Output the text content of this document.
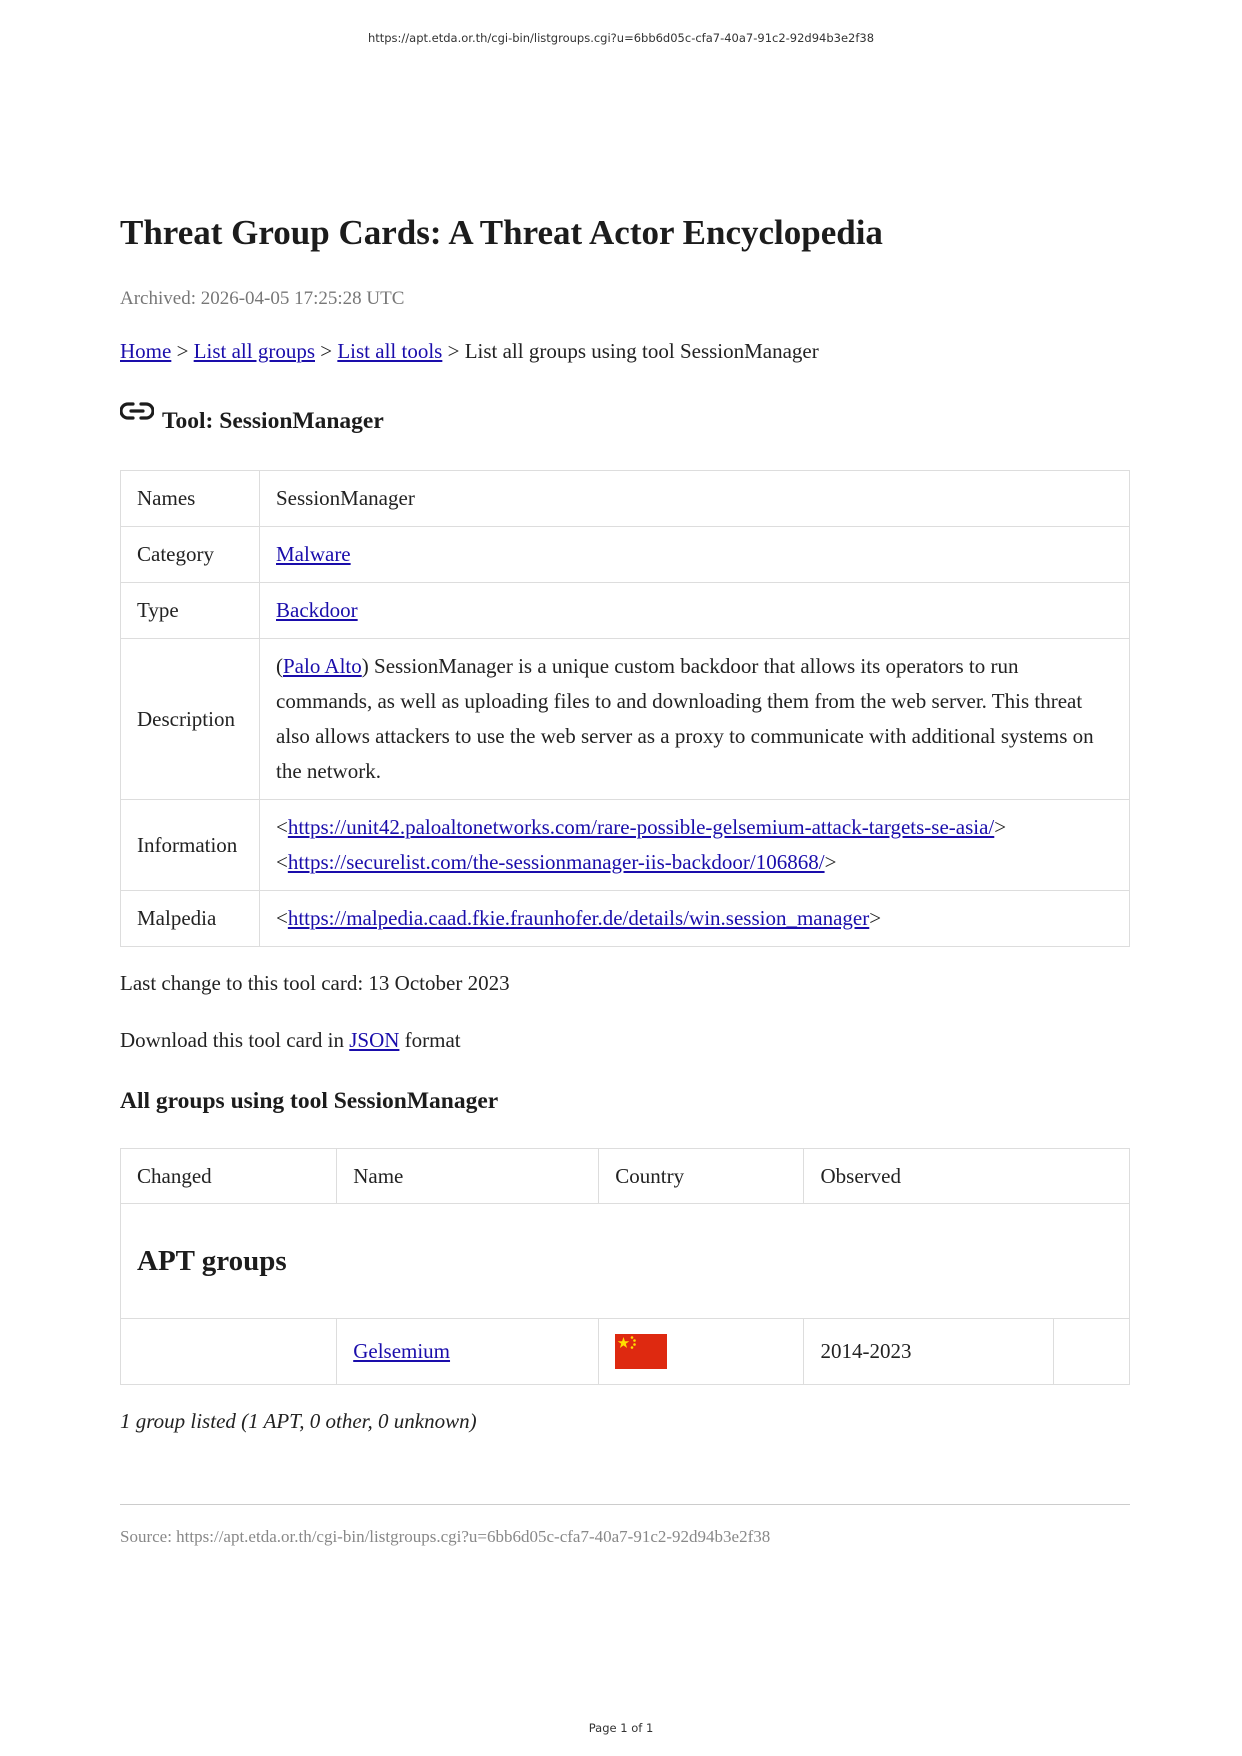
https://apt.etda.or.th/cgi-bin/listgroups.cgi?u=6bb6d05c-cfa7-40a7-91c2-92d94b3e2f38
Threat Group Cards: A Threat Actor Encyclopedia
Archived: 2026-04-05 17:25:28 UTC
Home > List all groups > List all tools > List all groups using tool SessionManager
Tool: SessionManager
Names	SessionManager
Category	Malware
Type	Backdoor
Description	(Palo Alto) SessionManager is a unique custom backdoor that allows its operators to run commands, as well as uploading files to and downloading them from the web server. This threat also allows attackers to use the web server as a proxy to communicate with additional systems on the network.
Information	<https://unit42.paloaltonetworks.com/rare-possible-gelsemium-attack-targets-se-asia/>
<https://securelist.com/the-sessionmanager-iis-backdoor/106868/>

Malpedia	<https://malpedia.caad.fkie.fraunhofer.de/details/win.session_manager>
Last change to this tool card: 13 October 2023
Download this tool card in JSON format
All groups using tool SessionManager
Changed	Name	Country	Observed	
APT groups				
	Gelsemium		2014-2023	
1 group listed (1 APT, 0 other, 0 unknown)
Source: https://apt.etda.or.th/cgi-bin/listgroups.cgi?u=6bb6d05c-cfa7-40a7-91c2-92d94b3e2f38
Page 1 of 1
